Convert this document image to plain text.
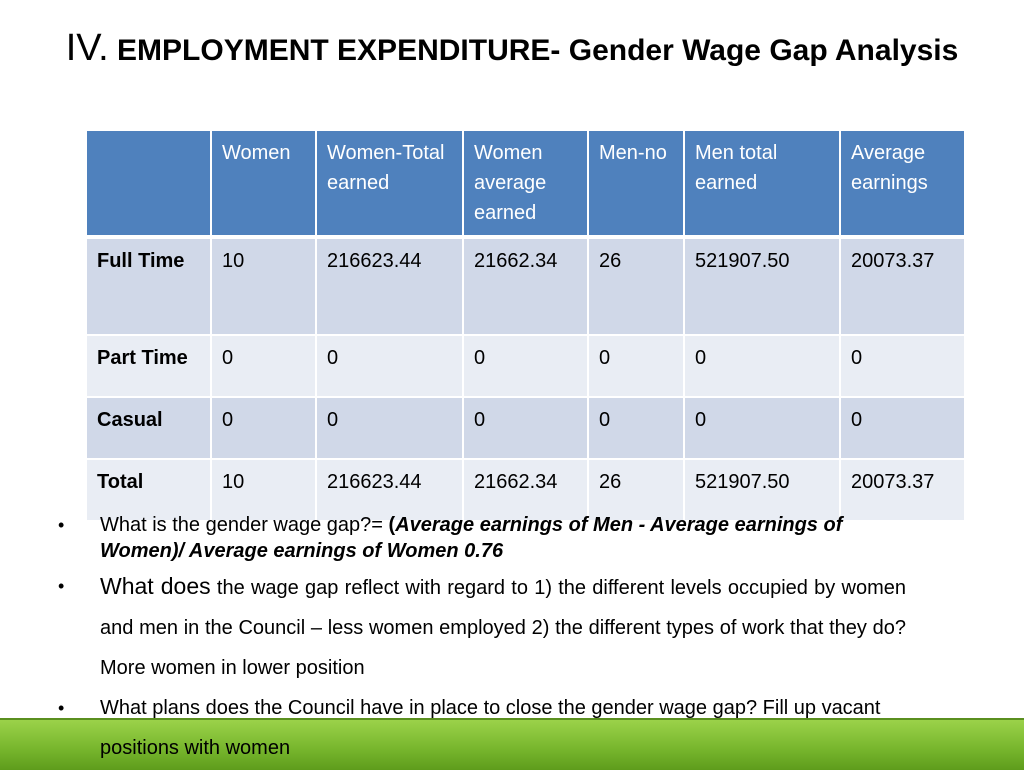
IV. EMPLOYMENT EXPENDITURE- Gender Wage Gap Analysis
	Women	Women-Total earned	Women average earned	Men-no	Men total earned	Average earnings
Full Time	10	216623.44	21662.34	26	521907.50	20073.37
Part Time	0	0	0	0	0	0
Casual	0	0	0	0	0	0
Total	10	216623.44	21662.34	26	521907.50	20073.37
• What is the gender wage gap?= (Average earnings of Men - Average earnings of Women)/ Average earnings of Women 0.76
• What does the wage gap reflect with regard to 1) the different levels occupied by women and men in the Council – less women employed 2) the different types of work that they do? More women in lower position
• What plans does the Council have in place to close the gender wage gap? Fill up vacant positions with women
